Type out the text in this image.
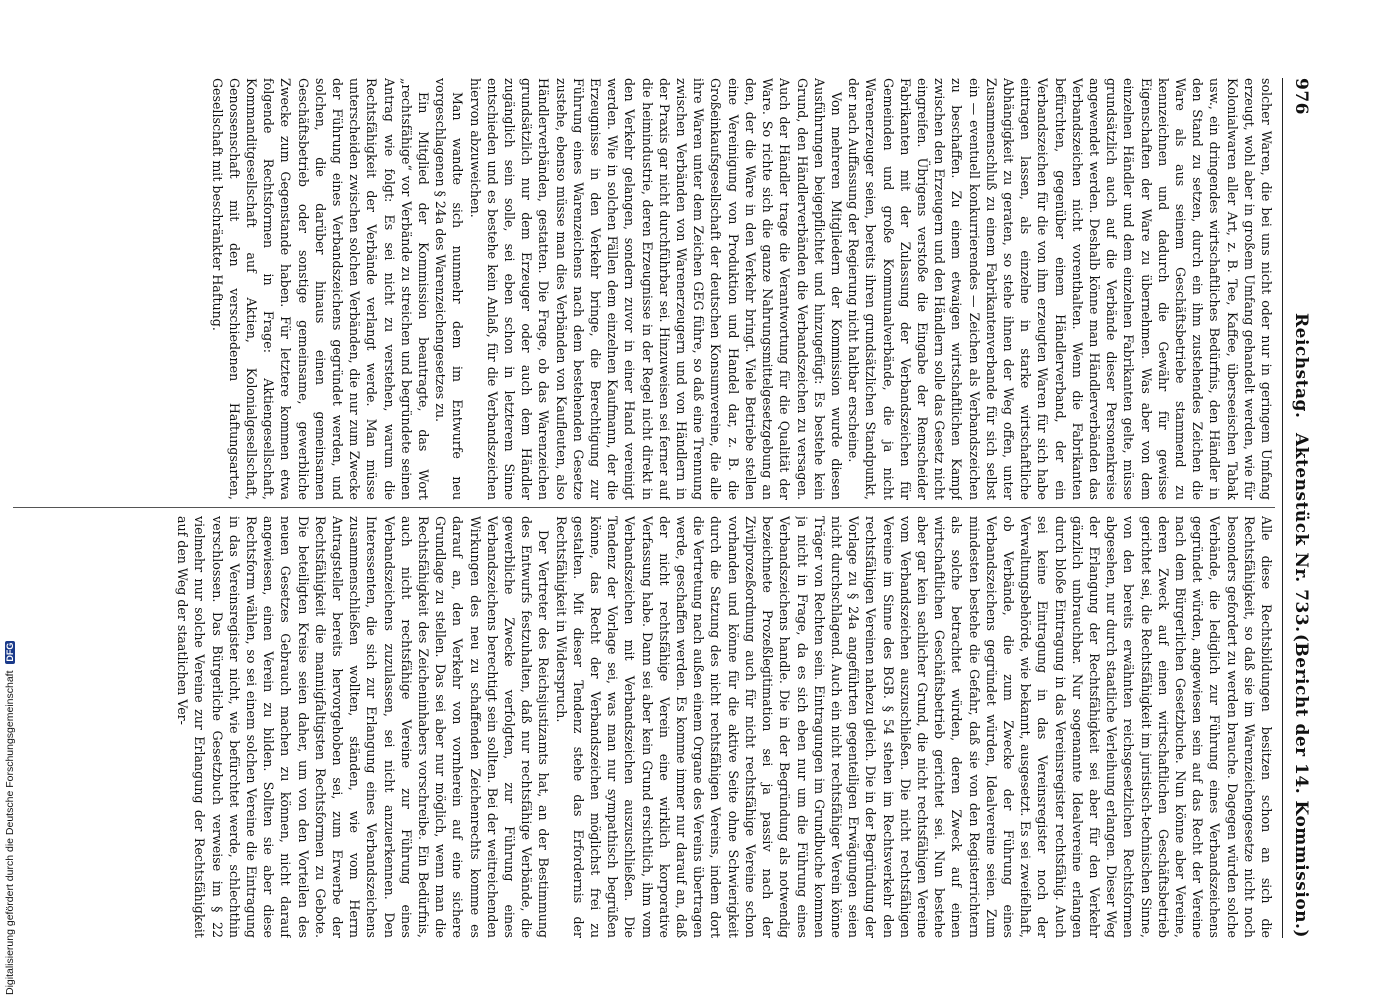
976
Reichstag.
Aktenstück Nr. 733.
(Bericht der 14. Kommission.)

solcher Waren, die bei uns nicht oder nur in geringem Umfang erzeugt, wohl aber in großem Umfang gehandelt werden, wie für Kolonialwaren aller Art, z. B. Tee, Kaffee, überseeischen Tabak usw., ein dringendes wirtschaftliches Bedürfnis, den Händler in den Stand zu setzen, durch ein ihm zustehendes Zeichen die Ware als aus seinem Geschäftsbetriebe stammend zu kennzeichnen und dadurch die Gewähr für gewisse Eigenschaften der Ware zu übernehmen. Was aber von dem einzelnen Händler und dem einzelnen Fabrikanten gelte, müsse grundsätzlich auch auf die Verbände dieser Personenkreise angewendet werden. Deshalb könne man Händlerverbänden das Verbandszeichen nicht vorenthalten. Wenn die Fabrikanten befürchten, gegenüber einem Händlerverband, der ein Verbandszeichen für die von ihm erzeugten Waren für sich habe eintragen lassen, als einzelne in starke wirtschaftliche Abhängigkeit zu geraten, so stehe ihnen der Weg offen, unter Zusammenschluß zu einem Fabrikantenverbande für sich selbst ein — eventuell konkurrierendes — Zeichen als Verbandszeichen zu beschaffen. Zu einem etwaigen wirtschaftlichen Kampf zwischen den Erzeugern und den Händlern solle das Gesetz nicht eingreifen. Übrigens verstoße die Eingabe der Remscheider Fabrikanten mit der Zulassung der Verbandszeichen für Gemeinden und große Kommunalverbände, die ja nicht Warenerzeuger seien, bereits ihren grundsätzlichen Standpunkt, der nach Auffassung der Regierung nicht haltbar erscheine.

Von mehreren Mitgliedern der Kommission wurde diesen Ausführungen beigepflichtet und hinzugefügt: Es bestehe kein Grund, den Händlerverbänden die Verbandszeichen zu versagen. Auch der Händler trage die Verantwortung für die Qualität der Ware. So richte sich die ganze Nahrungsmittelgesetzgebung an den, der die Ware in den Verkehr bringt. Viele Betriebe stellen eine Vereinigung von Produktion und Handel dar, z. B. die Großeinkaufsgesellschaft der deutschen Konsumvereine, die alle ihre Waren unter dem Zeichen GEG führe, so daß eine Trennung zwischen Verbänden von Warenerzeugern und von Händlern in der Praxis gar nicht durchführbar sei. Hinzuweisen sei ferner auf die heimindustrie, deren Erzeugnisse in der Regel nicht direkt in den Verkehr gelangen, sondern zuvor in einer Hand vereinigt werden. Wie in solchen Fällen dem einzelnen Kaufmann, der die Erzeugnisse in den Verkehr bringe, die Berechtigung zur Führung eines Warenzeichens nach dem bestehenden Gesetze zustehe, ebenso müsse man dies Verbänden von Kaufleuten, also Händlerverbänden, gestatten. Die Frage, ob das Warenzeichen grundsätzlich nur dem Erzeuger oder auch dem Händler zugänglich sein solle, sei eben schon in letzterem Sinne entschieden und es bestehe kein Anlaß, für die Verbandszeichen hiervon abzuweichen.

Man wandte sich nunmehr dem im Entwurfe neu vorgeschlagenen § 24a des Warenzeichengesetzes zu.

Ein Mitglied der Kommission beantragte, das Wort „rechtsfähige“ vor Verbände zu streichen und begründete seinen Antrag wie folgt: Es sei nicht zu verstehen, warum die Rechtsfähigkeit der Verbände verlangt werde. Man müsse unterscheiden zwischen solchen Verbänden, die nur zum Zwecke der Führung eines Verbandszeichens gegründet werden, und solchen, die darüber hinaus einen gemeinsamen Geschäftsbetrieb oder sonstige gemeinsame, gewerbliche Zwecke zum Gegenstande haben. Für letztere kommen etwa folgende Rechtsformen in Frage: Aktiengesellschaft, Kommanditgesellschaft auf Aktien, Kolonialgesellschaft, Genossenschaft mit den verschiedenen Haftungsarten, Gesellschaft mit beschränkter Haftung.

Alle diese Rechtsbildungen besitzen schon an sich die Rechtsfähigkeit, so daß sie im Warenzeichengesetze nicht noch besonders gefordert zu werden brauche. Dagegen würden solche Verbände, die lediglich zur Führung eines Verbandszeichens gegründet würden, angewiesen sein auf das Recht der Vereine nach dem Bürgerlichen Gesetzbuche. Nun könne aber Vereine, deren Zweck auf einen wirtschaftlichen Geschäftsbetrieb gerichtet sei, die Rechtsfähigkeit im juristisch-technischen Sinne, von den bereits erwähnten reichsgesetzlichen Rechtsformen abgesehen, nur durch staatliche Verleihung erlangen. Dieser Weg der Erlangung der Rechtsfähigkeit sei aber für den Verkehr gänzlich unbrauchbar. Nur sogenannte Idealvereine erlangen durch bloße Eintragung in das Vereinsregister rechtsfähig. Auch sei keine Eintragung in das Vereinsregister noch der Verwaltungsbehörde, wie bekannt, ausgesetzt. Es sei zweifelhaft, ob Verbände, die zum Zwecke der Führung eines Verbandszeichens gegründet würden, Idealvereine seien. Zum mindesten bestehe die Gefahr, daß sie von den Registerrichtern als solche betrachtet würden, deren Zweck auf einen wirtschaftlichen Geschäftsbetrieb gerichtet sei. Nun bestehe aber gar kein sachlicher Grund, die nicht rechtsfähigen Vereine vom Verbandszeichen auszuschließen. Die nicht rechtsfähigen Vereine im Sinne des BGB. § 54 stehen im Rechtsverkehr den rechtsfähigen Vereinen nahezu gleich. Die in der Begründung der Vorlage zu § 24a angeführten gegenteiligen Erwägungen seien nicht durchschlagend. Auch ein nicht rechtsfähiger Verein könne Träger von Rechten sein. Eintragungen im Grundbuche kommen ja nicht in Frage, da es sich eben nur um die Führung eines Verbandszeichens handle. Die in der Begründung als notwendig bezeichnete Prozeßlegitimation sei ja passiv nach der Zivilprozeßordnung auch für nicht rechtsfähige Vereine schon vorhanden und könne für die aktive Seite ohne Schwierigkeit durch die Satzung des nicht rechtsfähigen Vereins, indem dort die Vertretung nach außen einem Organe des Vereins übertragen werde, geschaffen werden. Es komme immer nur darauf an, daß der nicht rechtsfähige Verein eine wirklich korporative Verfassung habe. Dann sei aber kein Grund ersichtlich, ihm vom Verbandszeichen mit Verbandszeichen auszuschließen. Die Tendenz der Vorlage sei, was man nur sympathisch begrüßen könne, das Recht der Verbandszeichen möglichst frei zu gestalten. Mit dieser Tendenz stehe das Erfordernis der Rechtsfähigkeit in Widerspruch.

Der Vertreter des Reichsjustizamts hat, an der Bestimmung des Entwurfs festzuhalten, daß nur rechtsfähige Verbände, die gewerbliche Zwecke verfolgten, zur Führung eines Verbandszeichens berechtigt sein sollten. Bei der weitreichenden Wirkungen des neu zu schaffenden Zeichenrechts komme es darauf an, den Verkehr von vornherein auf eine sichere Grundlage zu stellen. Das sei aber nur möglich, wenn man die Rechtsfähigkeit des Zeicheninhabers vorschreibe. Ein Bedürfnis, auch nicht rechtsfähige Vereine zur Führung eines Verbandszeichens zuzulassen, sei nicht anzuerkennen. Den Interessenten, die sich zur Erlangung eines Verbandszeichens zusammenschließen wollten, ständen, wie vom Herrn Antragsteller bereits hervorgehoben sei, zum Erwerbe der Rechtsfähigkeit die mannigfaltigsten Rechtsformen zu Gebote. Die beteiligten Kreise seien daher, um von den Vorteilen des neuen Gesetzes Gebrauch machen zu können, nicht darauf angewiesen, einen Verein zu bilden. Sollten sie aber diese Rechtsform wählen, so sei einem solchen Vereine die Eintragung in das Vereinsregister nicht, wie befürchtet werde, schlechthin verschlossen. Das Bürgerliche Gesetzbuch verweise im § 22 vielmehr nur solche Vereine zur Erlangung der Rechtsfähigkeit auf den Weg der staatlichen Ver-

Digitalisierung gefördert durch die Deutsche Forschungsgemeinschaft DFG
